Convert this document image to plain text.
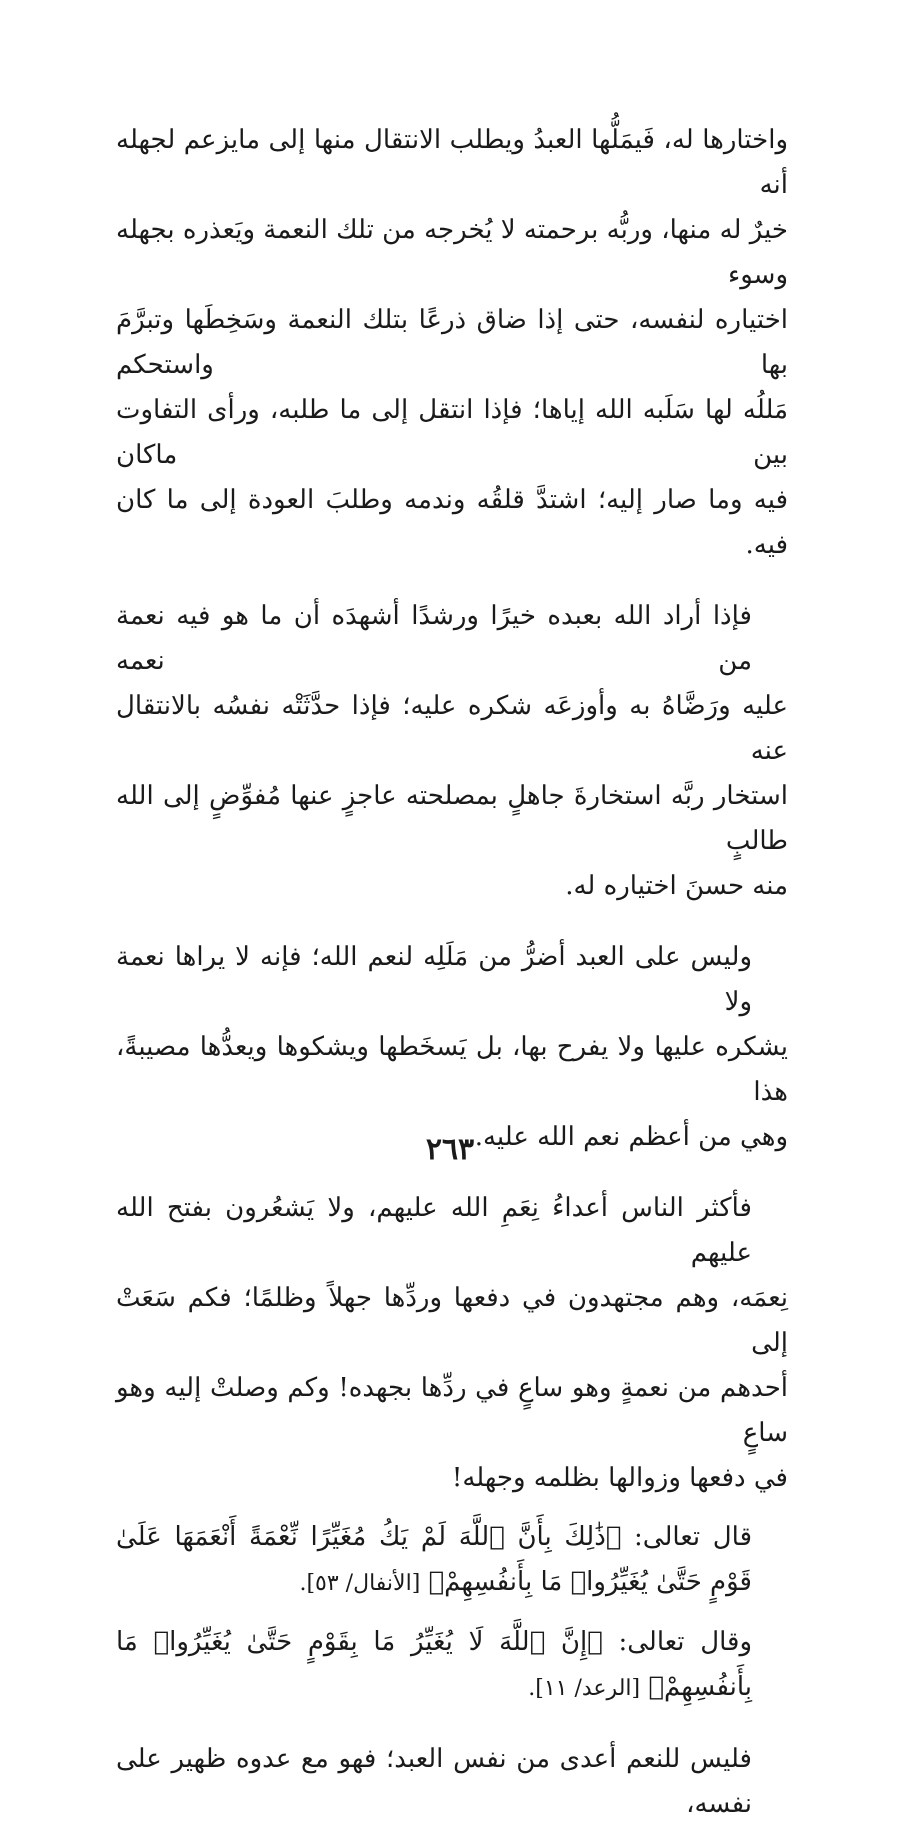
واختارها له، فَيمَلُّها العبدُ ويطلب الانتقال منها إلى مايزعم لجهله أنه
خيرٌ له منها، وربُّه برحمته لا يُخرجه من تلك النعمة ويَعذره بجهله وسوء
اختياره لنفسه، حتى إذا ضاق ذرعًا بتلك النعمة وسَخِطَها وتبرَّمَ بها واستحكم
مَللُه لها سَلَبه الله إياها؛ فإذا انتقل إلى ما طلبه، ورأى التفاوت بين ماكان
فيه وما صار إليه؛ اشتدَّ قلقُه وندمه وطلبَ العودة إلى ما كان فيه.

فإذا أراد الله بعبده خيرًا ورشدًا أشهدَه أن ما هو فيه نعمة من نعمه
عليه ورَضَّاهُ به وأوزعَه شكره عليه؛ فإذا حدَّثَتْه نفسُه بالانتقال عنه
استخار ربَّه استخارةَ جاهلٍ بمصلحته عاجزٍ عنها مُفوِّضٍ إلى الله طالبٍ
منه حسنَ اختياره له.

وليس على العبد أضرُّ من مَلَلِه لنعم الله؛ فإنه لا يراها نعمة ولا
يشكره عليها ولا يفرح بها، بل يَسخَطها ويشكوها ويعدُّها مصيبةً، هذا
وهي من أعظم نعم الله عليه.

فأكثر الناس أعداءُ نِعَمِ الله عليهم، ولا يَشعُرون بفتح الله عليهم
نِعمَه، وهم مجتهدون في دفعها وردِّها جهلاً وظلمًا؛ فكم سَعَتْ إلى
أحدهم من نعمةٍ وهو ساعٍ في ردِّها بجهده! وكم وصلتْ إليه وهو ساعٍ
في دفعها وزوالها بظلمه وجهله!

قال تعالى: ﴿ذَٰلِكَ بِأَنَّ ٱللَّهَ لَمْ يَكُ مُغَيِّرًا نِّعْمَةً أَنْعَمَهَا عَلَىٰ قَوْمٍ حَتَّىٰ يُغَيِّرُوا۟ مَا بِأَنفُسِهِمْ﴾ [الأنفال/ ٥٣].

وقال تعالى: ﴿إِنَّ ٱللَّهَ لَا يُغَيِّرُ مَا بِقَوْمٍ حَتَّىٰ يُغَيِّرُوا۟ مَا بِأَنفُسِهِمْ﴾ [الرعد/ ١١].

فليس للنعم أعدى من نفس العبد؛ فهو مع عدوه ظهير على نفسه،

٢٦٣
